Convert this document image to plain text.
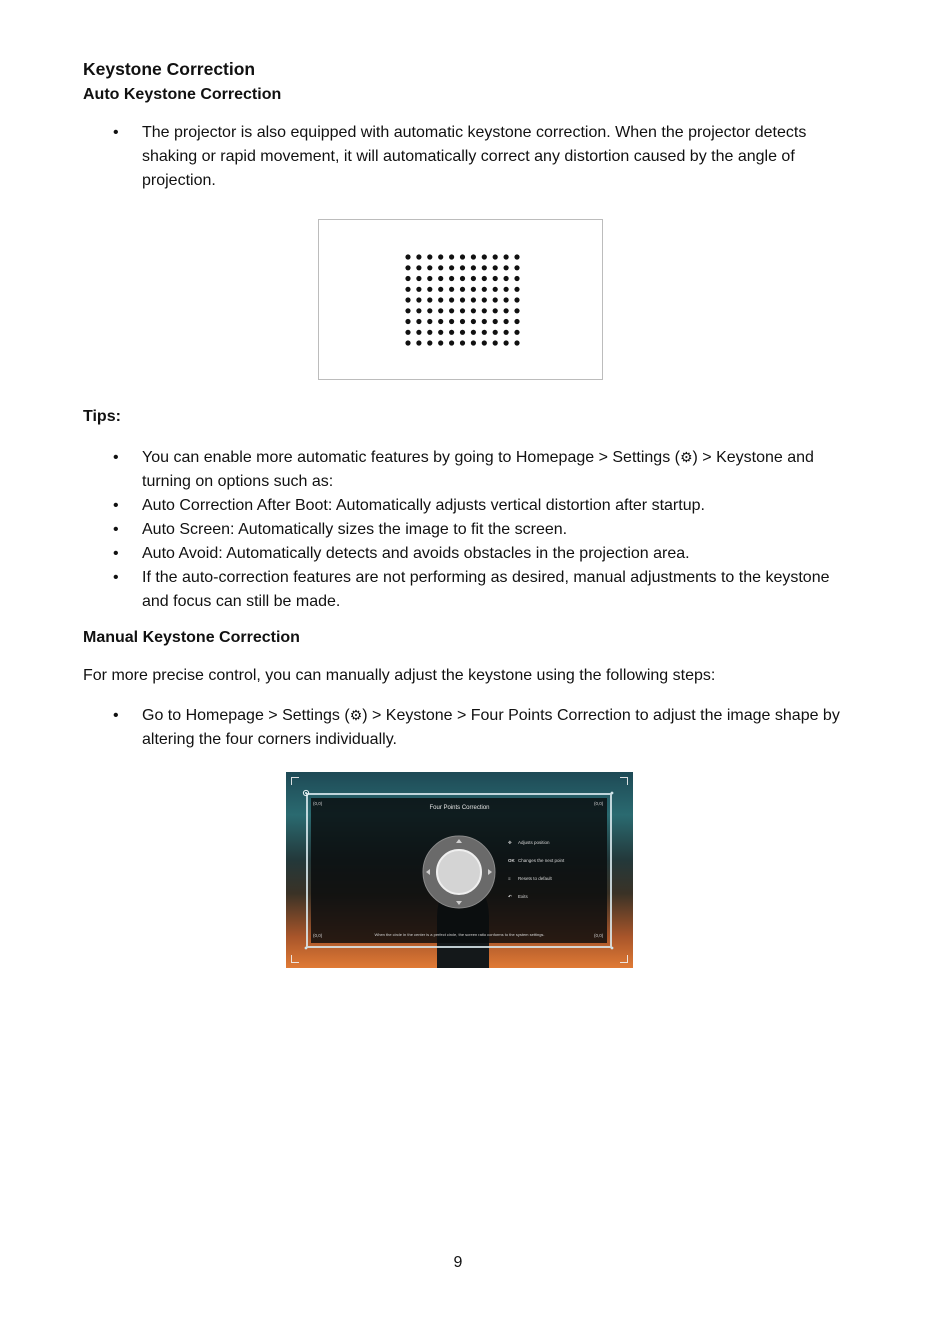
Keystone Correction
Auto Keystone Correction
• The projector is also equipped with automatic keystone correction. When the projector detects shaking or rapid movement, it will automatically correct any distortion caused by the angle of projection.
Tips:
• You can enable more automatic features by going to Homepage > Settings (⚙) > Keystone and turning on options such as:
• Auto Correction After Boot: Automatically adjusts vertical distortion after startup.
• Auto Screen: Automatically sizes the image to fit the screen.
• Auto Avoid: Automatically detects and avoids obstacles in the projection area.
• If the auto-correction features are not performing as desired, manual adjustments to the keystone and focus can still be made.
Manual Keystone Correction

For more precise control, you can manually adjust the keystone using the following steps:

• Go to Homepage > Settings (⚙) > Keystone > Four Points Correction to adjust the image shape by altering the four corners individually.
Four Points Correction
(0,0)	(0,0)
(0,0)	(0,0)
✥ Adjusts position
OK Changes the next point
≡ Resets to default
↶ Exits
When the circle in the center is a perfect circle, the screen ratio conforms to the system settings.
9
